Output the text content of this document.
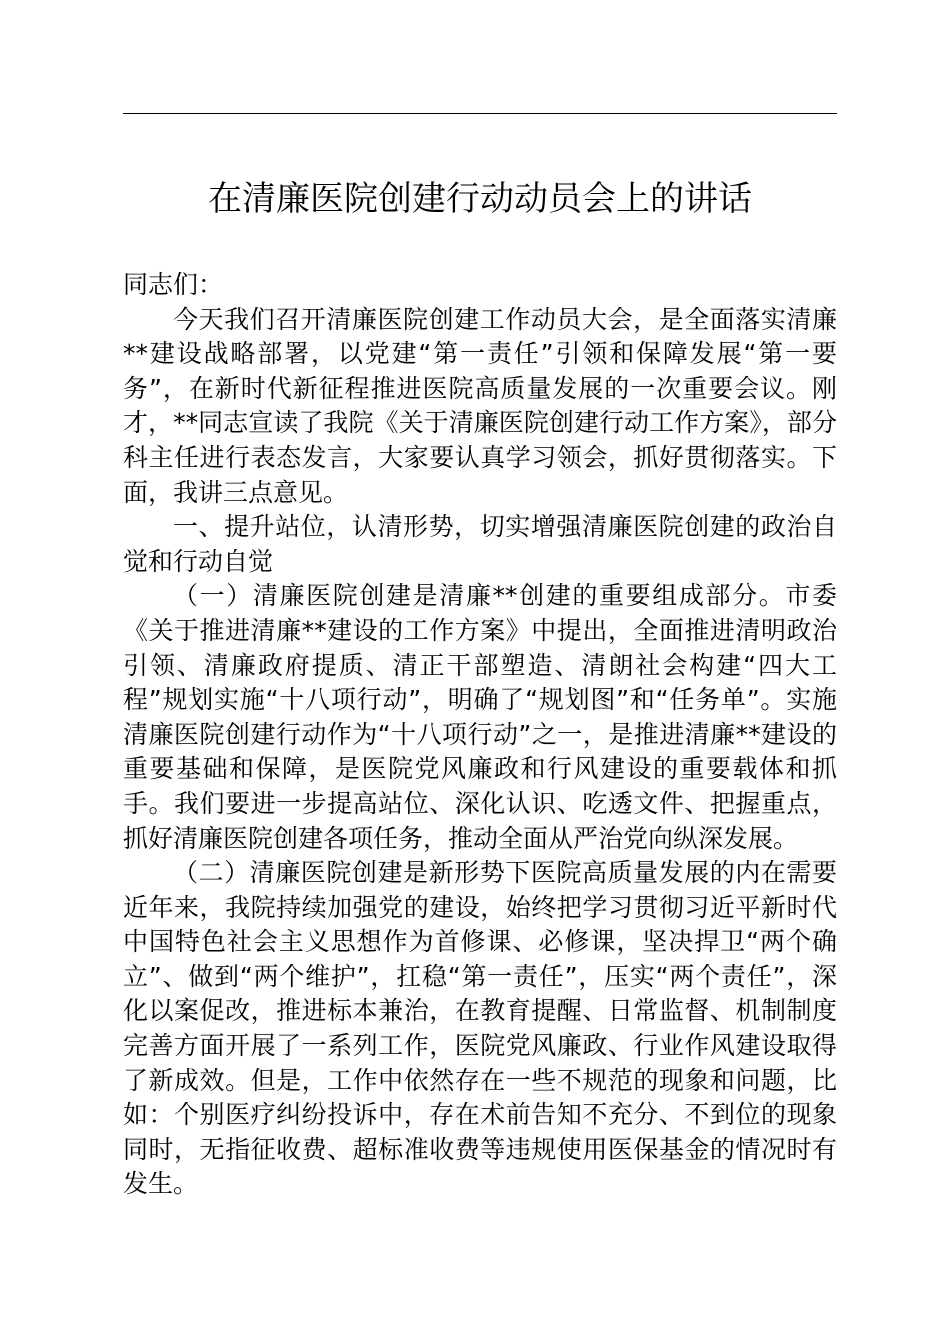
在清廉医院创建行动动员会上的讲话

同志们：

今天我们召开清廉医院创建工作动员大会，是全面落实清廉**建设战略部署，以党建“第一责任”引领和保障发展“第一要务”，在新时代新征程推进医院高质量发展的一次重要会议。刚才，**同志宣读了我院《关于清廉医院创建行动工作方案》，部分科主任进行表态发言，大家要认真学习领会，抓好贯彻落实。下面，我讲三点意见。

一、提升站位，认清形势，切实增强清廉医院创建的政治自觉和行动自觉

（一）清廉医院创建是清廉**创建的重要组成部分。市委《关于推进清廉**建设的工作方案》中提出，全面推进清明政治引领、清廉政府提质、清正干部塑造、清朗社会构建“四大工程”规划实施“十八项行动”，明确了“规划图”和“任务单”。实施清廉医院创建行动作为“十八项行动”之一，是推进清廉**建设的重要基础和保障，是医院党风廉政和行风建设的重要载体和抓手。我们要进一步提高站位、深化认识、吃透文件、把握重点，抓好清廉医院创建各项任务，推动全面从严治党向纵深发展。

（二）清廉医院创建是新形势下医院高质量发展的内在需要近年来，我院持续加强党的建设，始终把学习贯彻习近平新时代中国特色社会主义思想作为首修课、必修课，坚决捍卫“两个确立”、做到“两个维护”，扛稳“第一责任”，压实“两个责任”，深化以案促改，推进标本兼治，在教育提醒、日常监督、机制制度完善方面开展了一系列工作，医院党风廉政、行业作风建设取得了新成效。但是，工作中依然存在一些不规范的现象和问题，比如：个别医疗纠纷投诉中，存在术前告知不充分、不到位的现象同时，无指征收费、超标准收费等违规使用医保基金的情况时有发生。
